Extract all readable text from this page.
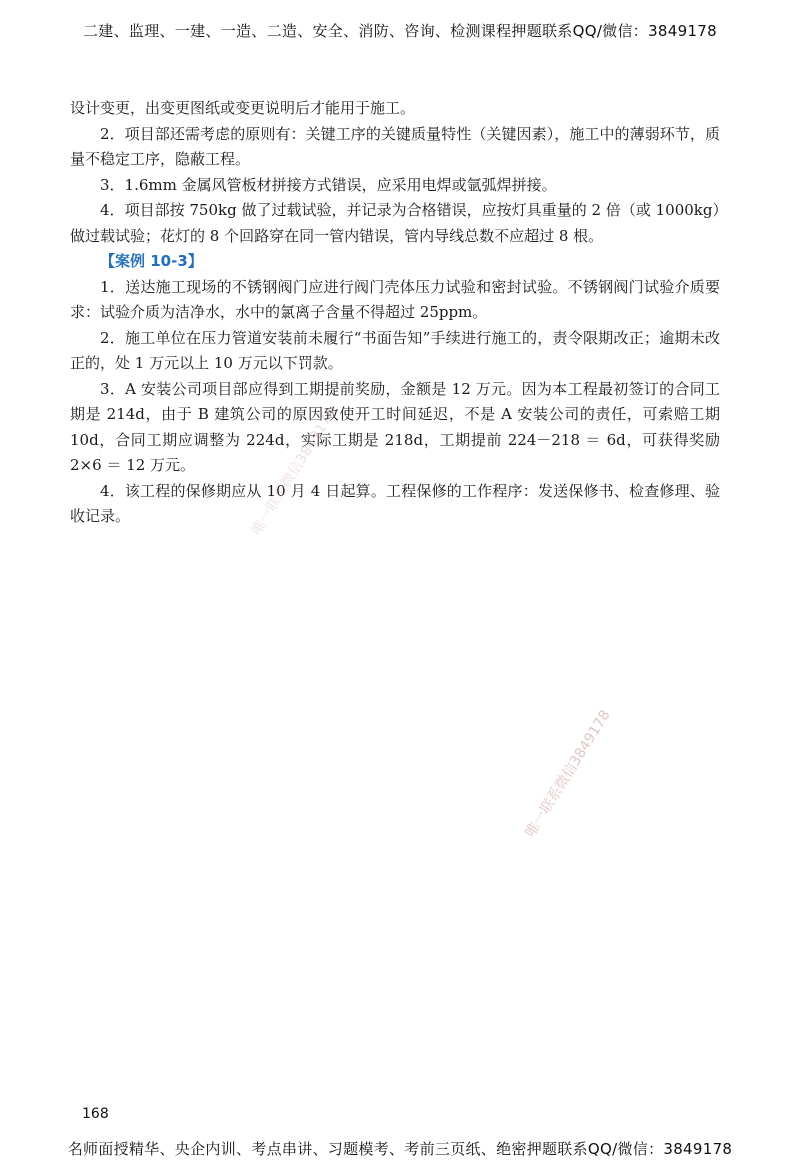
二建、监理、一建、一造、二造、安全、消防、咨询、检测课程押题联系QQ/微信：3849178

设计变更，出变更图纸或变更说明后才能用于施工。

2．项目部还需考虑的原则有：关键工序的关键质量特性（关键因素），施工中的薄弱环节，质量不稳定工序，隐蔽工程。

3．1.6mm 金属风管板材拼接方式错误，应采用电焊或氩弧焊拼接。

4．项目部按 750kg 做了过载试验，并记录为合格错误，应按灯具重量的 2 倍（或 1000kg）做过载试验；花灯的 8 个回路穿在同一管内错误，管内导线总数不应超过 8 根。

【案例 10-3】

1．送达施工现场的不锈钢阀门应进行阀门壳体压力试验和密封试验。不锈钢阀门试验介质要求：试验介质为洁净水，水中的氯离子含量不得超过 25ppm。

2．施工单位在压力管道安装前未履行“书面告知”手续进行施工的，责令限期改正；逾期未改正的，处 1 万元以上 10 万元以下罚款。

3．A 安装公司项目部应得到工期提前奖励，金额是 12 万元。因为本工程最初签订的合同工期是 214d，由于 B 建筑公司的原因致使开工时间延迟，不是 A 安装公司的责任，可索赔工期 10d，合同工期应调整为 224d，实际工期是 218d，工期提前 224－218 ＝ 6d，可获得奖励 2×6 ＝ 12 万元。

4．该工程的保修期应从 10 月 4 日起算。工程保修的工作程序：发送保修书、检查修理、验收记录。

唯一联系微信3849178
唯一联系微信3849178
168
名师面授精华、央企内训、考点串讲、习题模考、考前三页纸、绝密押题联系QQ/微信：3849178
